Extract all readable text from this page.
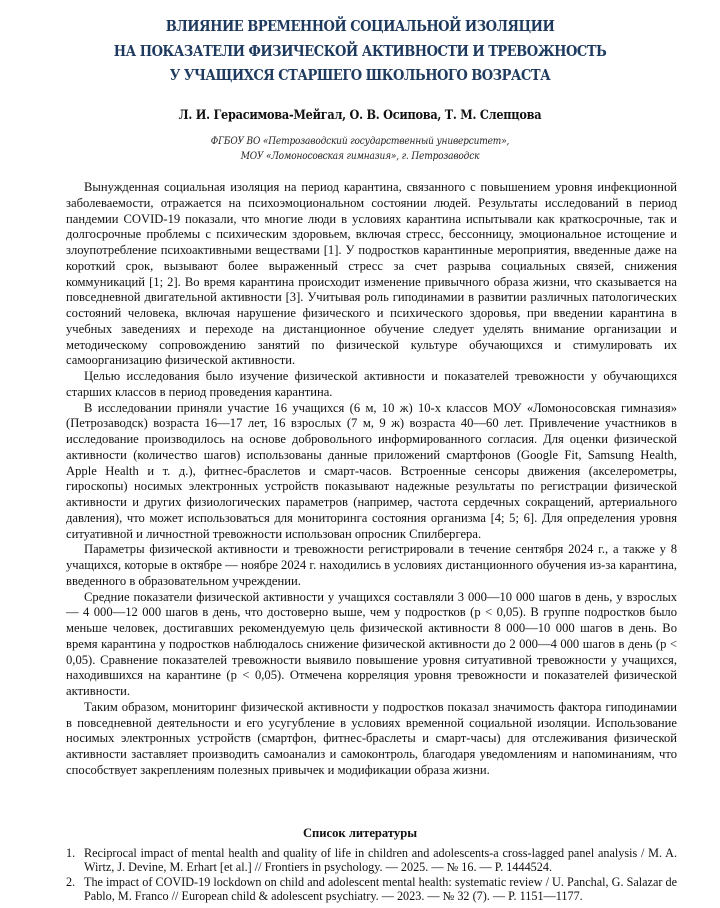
ВЛИЯНИЕ ВРЕМЕННОЙ СОЦИАЛЬНОЙ ИЗОЛЯЦИИ
НА ПОКАЗАТЕЛИ ФИЗИЧЕСКОЙ АКТИВНОСТИ И ТРЕВОЖНОСТЬ
У УЧАЩИХСЯ СТАРШЕГО ШКОЛЬНОГО ВОЗРАСТА
Л. И. Герасимова-Мейгал, О. В. Осипова, Т. М. Слепцова
ФГБОУ ВО «Петрозаводский государственный университет»,
МОУ «Ломоносовская гимназия», г. Петрозаводск

Вынужденная социальная изоляция на период карантина, связанного с повышением уровня инфекционной заболеваемости, отражается на психоэмоциональном состоянии людей. Результаты исследований в период пандемии COVID-19 показали, что многие люди в условиях карантина испытывали как краткосрочные, так и долгосрочные проблемы с психическим здоровьем, включая стресс, бессонницу, эмоциональное истощение и злоупотребление психоактивными веществами [1]. У подростков карантинные мероприятия, введенные даже на короткий срок, вызывают более выраженный стресс за счет разрыва социальных связей, снижения коммуникаций [1; 2]. Во время карантина происходит изменение привычного образа жизни, что сказывается на повседневной двигательной активности [3]. Учитывая роль гиподинамии в развитии различных патологических состояний человека, включая нарушение физического и психического здоровья, при введении карантина в учебных заведениях и переходе на дистанционное обучение следует уделять внимание организации и методическому сопровождению занятий по физической культуре обучающихся и стимулировать их самоорганизацию физической активности.

Целью исследования было изучение физической активности и показателей тревожности у обучающихся старших классов в период проведения карантина.

В исследовании приняли участие 16 учащихся (6 м, 10 ж) 10-х классов МОУ «Ломоносовская гимназия» (Петрозаводск) возраста 16—17 лет, 16 взрослых (7 м, 9 ж) возраста 40—60 лет. Привлечение участников в исследование производилось на основе добровольного информированного согласия. Для оценки физической активности (количество шагов) использованы данные приложений смартфонов (Google Fit, Samsung Health, Apple Health и т. д.), фитнес-браслетов и смарт-часов. Встроенные сенсоры движения (акселерометры, гироскопы) носимых электронных устройств показывают надежные результаты по регистрации физической активности и других физиологических параметров (например, частота сердечных сокращений, артериального давления), что может использоваться для мониторинга состояния организма [4; 5; 6]. Для определения уровня ситуативной и личностной тревожности использован опросник Спилбергера.

Параметры физической активности и тревожности регистрировали в течение сентября 2024 г., а также у 8 учащихся, которые в октябре — ноябре 2024 г. находились в условиях дистанционного обучения из-за карантина, введенного в образовательном учреждении.

Средние показатели физической активности у учащихся составляли 3 000—10 000 шагов в день, у взрослых — 4 000—12 000 шагов в день, что достоверно выше, чем у подростков (p < 0,05). В группе подростков было меньше человек, достигавших рекомендуемую цель физической активности 8 000—10 000 шагов в день. Во время карантина у подростков наблюдалось снижение физической активности до 2 000—4 000 шагов в день (p < 0,05). Сравнение показателей тревожности выявило повышение уровня ситуативной тревожности у учащихся, находившихся на карантине (p < 0,05). Отмечена корреляция уровня тревожности и показателей физической активности.

Таким образом, мониторинг физической активности у подростков показал значимость фактора гиподинамии в повседневной деятельности и его усугубление в условиях временной социальной изоляции. Использование носимых электронных устройств (смартфон, фитнес-браслеты и смарт-часы) для отслеживания физической активности заставляет производить самоанализ и самоконтроль, благодаря уведомлениям и напоминаниям, что способствует закреплениям полезных привычек и модификации образа жизни.

Список литературы
1. Reciprocal impact of mental health and quality of life in children and adolescents-a cross-lagged panel analysis / M. A. Wirtz, J. Devine, M. Erhart [et al.] // Frontiers in psychology. — 2025. — № 16. — P. 1444524.
2. The impact of COVID-19 lockdown on child and adolescent mental health: systematic review / U. Panchal, G. Salazar de Pablo, M. Franco // European child & adolescent psychiatry. — 2023. — № 32 (7). — P. 1151—1177.
